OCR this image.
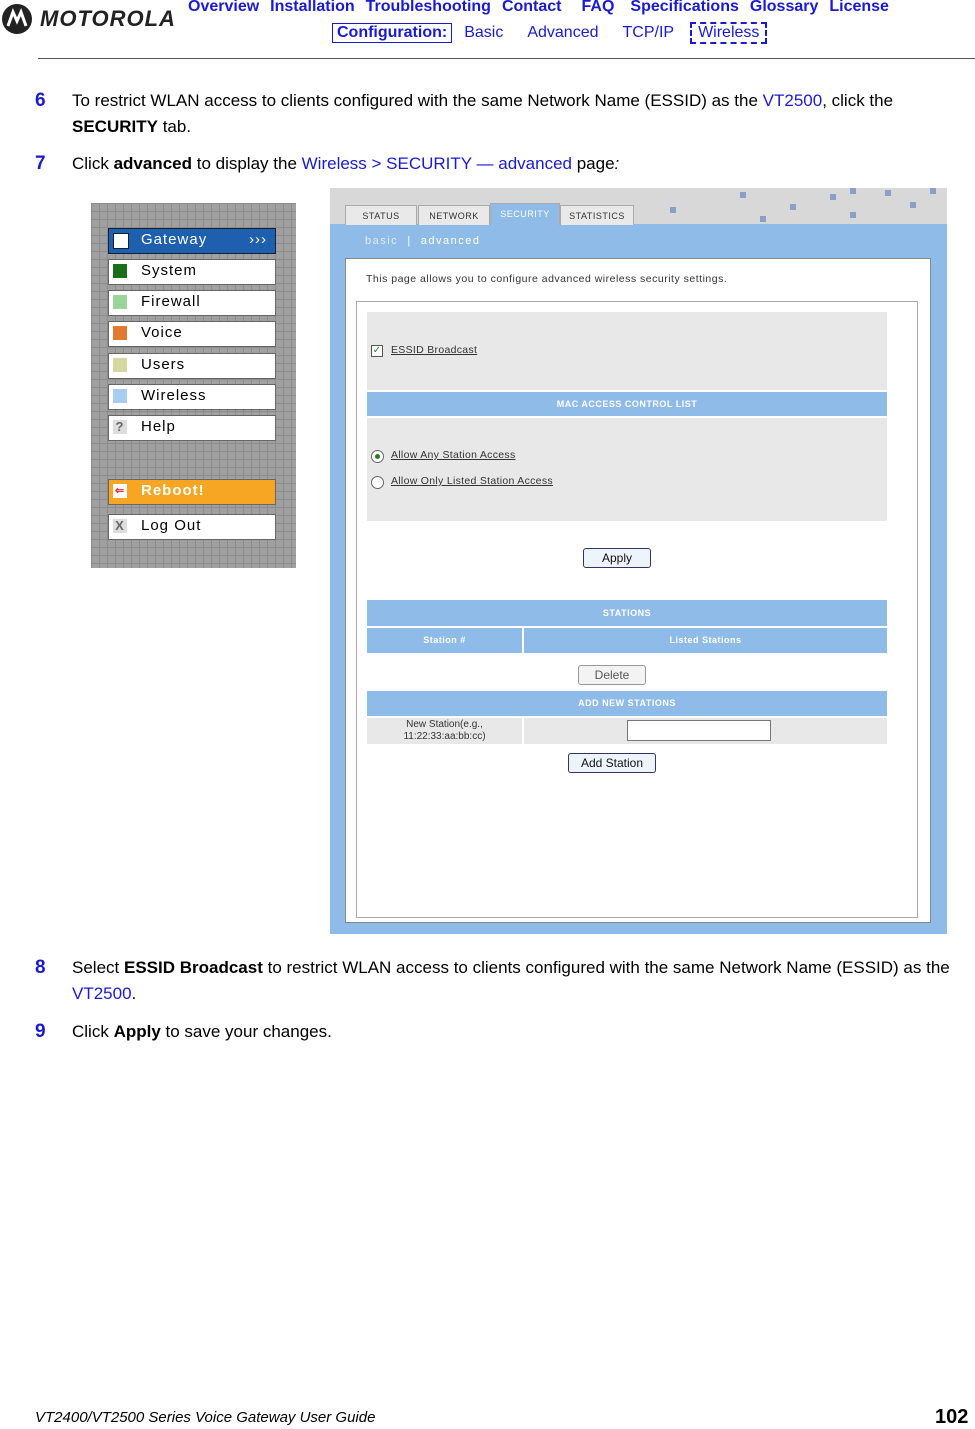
MOTOROLA Overview Installation Troubleshooting Contact FAQ Specifications Glossary License
Configuration: Basic Advanced TCP/IP Wireless
6 To restrict WLAN access to clients configured with the same Network Name (ESSID) as the VT2500, click the SECURITY tab.
7 Click advanced to display the Wireless > SECURITY — advanced page:
Gateway	›››
System
Firewall
Voice
Users
Wireless
? Help
⇐ Reboot!
X Log Out
STATUS	NETWORK	SECURITY	STATISTICS
basic | advanced
This page allows you to configure advanced wireless security settings.
✓ ESSID Broadcast
MAC ACCESS CONTROL LIST
Allow Any Station Access
Allow Only Listed Station Access
Apply
STATIONS
Station #	Listed Stations
Delete
ADD NEW STATIONS
New Station(e.g.,
11:22:33:aa:bb:cc)
Add Station
8 Select ESSID Broadcast to restrict WLAN access to clients configured with the same Network Name (ESSID) as the VT2500.
9 Click Apply to save your changes.
VT2400/VT2500 Series Voice Gateway User Guide	102
